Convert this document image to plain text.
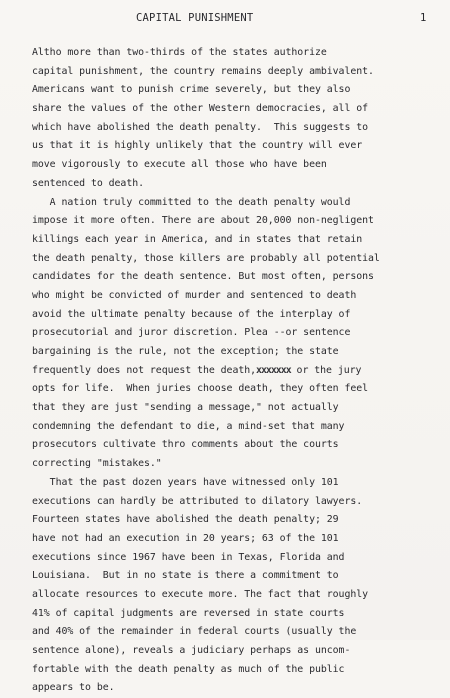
CAPITAL PUNISHMENT	1
Altho more than two-thirds of the states authorize
capital punishment, the country remains deeply ambivalent.
Americans want to punish crime severely, but they also
share the values of the other Western democracies, all of
which have abolished the death penalty.  This suggests to
us that it is highly unlikely that the country will ever
move vigorously to execute all those who have been
sentenced to death.
A nation truly committed to the death penalty would
impose it more often. There are about 20,000 non-negligent
killings each year in America, and in states that retain
the death penalty, those killers are probably all potential
candidates for the death sentence. But most often, persons
who might be convicted of murder and sentenced to death
avoid the ultimate penalty because of the interplay of
prosecutorial and juror discretion. Plea --or sentence
bargaining is the rule, not the exception; the state
frequently does not request the death,xxxxxxx or the jury
opts for life.  When juries choose death, they often feel
that they are just "sending a message," not actually
condemning the defendant to die, a mind-set that many
prosecutors cultivate thro comments about the courts
correcting "mistakes."
That the past dozen years have witnessed only 101
executions can hardly be attributed to dilatory lawyers.
Fourteen states have abolished the death penalty; 29
have not had an execution in 20 years; 63 of the 101
executions since 1967 have been in Texas, Florida and
Louisiana.  But in no state is there a commitment to
allocate resources to execute more. The fact that roughly
41% of capital judgments are reversed in state courts
and 40% of the remainder in federal courts (usually the
sentence alone), reveals a judiciary perhaps as uncom-
fortable with the death penalty as much of the public
appears to be.
